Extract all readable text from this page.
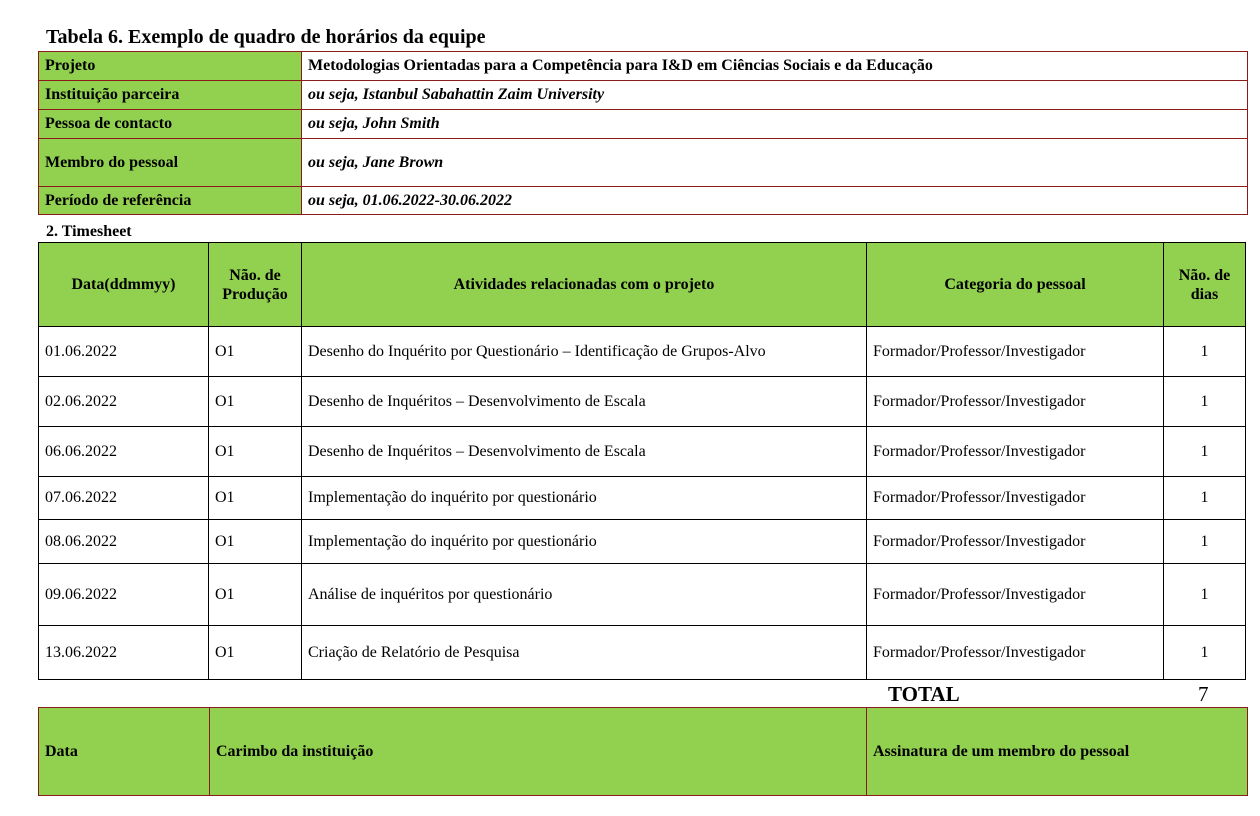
Tabela 6. Exemplo de quadro de horários da equipe
Projeto	Metodologias Orientadas para a Competência para I&D em Ciências Sociais e da Educação
Instituição parceira	ou seja, Istanbul Sabahattin Zaim University
Pessoa de contacto	ou seja, John Smith
Membro do pessoal	ou seja, Jane Brown
Período de referência	ou seja, 01.06.2022-30.06.2022
2. Timesheet
Data(ddmmyy)	Não. de Produção	Atividades relacionadas com o projeto	Categoria do pessoal	Não. de dias
01.06.2022	O1	Desenho do Inquérito por Questionário – Identificação de Grupos-Alvo	Formador/Professor/Investigador	1
02.06.2022	O1	Desenho de Inquéritos – Desenvolvimento de Escala	Formador/Professor/Investigador	1
06.06.2022	O1	Desenho de Inquéritos – Desenvolvimento de Escala	Formador/Professor/Investigador	1
07.06.2022	O1	Implementação do inquérito por questionário	Formador/Professor/Investigador	1
08.06.2022	O1	Implementação do inquérito por questionário	Formador/Professor/Investigador	1
09.06.2022	O1	Análise de inquéritos por questionário	Formador/Professor/Investigador	1
13.06.2022	O1	Criação de Relatório de Pesquisa	Formador/Professor/Investigador	1
TOTAL	7
Data	Carimbo da instituição	Assinatura de um membro do pessoal
